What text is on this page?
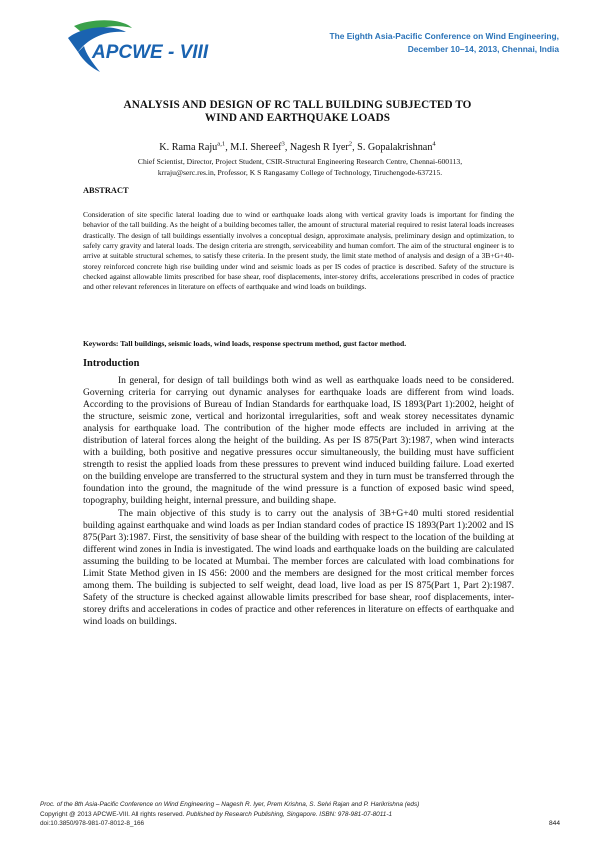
APCWE - VIII
The Eighth Asia-Pacific Conference on Wind Engineering,
December 10–14, 2013, Chennai, India
ANALYSIS AND DESIGN OF RC TALL BUILDING SUBJECTED TO
WIND AND EARTHQUAKE LOADS
K. Rama Raju$^{a,1}$, M.I. Shereef$^3$, Nagesh R Iyer$^2$, S. Gopalakrishnan$^4$
Chief Scientist, Director, Project Student, CSIR-Structural Engineering Research Centre, Chennai-600113,
krraju@serc.res.in, Professor, K S Rangasamy College of Technology, Tiruchengode-637215.
ABSTRACT
Consideration of site specific lateral loading due to wind or earthquake loads along with vertical gravity loads is important for finding the behavior of the tall building. As the height of a building becomes taller, the amount of structural material required to resist lateral loads increases drastically. The design of tall buildings essentially involves a conceptual design, approximate analysis, preliminary design and optimization, to safely carry gravity and lateral loads. The design criteria are strength, serviceability and human comfort. The aim of the structural engineer is to arrive at suitable structural schemes, to satisfy these criteria. In the present study, the limit state method of analysis and design of a 3B+G+40-storey reinforced concrete high rise building under wind and seismic loads as per IS codes of practice is described. Safety of the structure is checked against allowable limits prescribed for base shear, roof displacements, inter-storey drifts, accelerations prescribed in codes of practice and other relevant references in literature on effects of earthquake and wind loads on buildings.
Keywords: Tall buildings, seismic loads, wind loads, response spectrum method, gust factor method.
Introduction

In general, for design of tall buildings both wind as well as earthquake loads need to be considered. Governing criteria for carrying out dynamic analyses for earthquake loads are different from wind loads. According to the provisions of Bureau of Indian Standards for earthquake load, IS 1893(Part 1):2002, height of the structure, seismic zone, vertical and horizontal irregularities, soft and weak storey necessitates dynamic analysis for earthquake load. The contribution of the higher mode effects are included in arriving at the distribution of lateral forces along the height of the building. As per IS 875(Part 3):1987, when wind interacts with a building, both positive and negative pressures occur simultaneously, the building must have sufficient strength to resist the applied loads from these pressures to prevent wind induced building failure. Load exerted on the building envelope are transferred to the structural system and they in turn must be transferred through the foundation into the ground, the magnitude of the wind pressure is a function of exposed basic wind speed, topography, building height, internal pressure, and building shape.

The main objective of this study is to carry out the analysis of 3B+G+40 multi stored residential building against earthquake and wind loads as per Indian standard codes of practice IS 1893(Part 1):2002 and IS 875(Part 3):1987. First, the sensitivity of base shear of the building with respect to the location of the building at different wind zones in India is investigated. The wind loads and earthquake loads on the building are calculated assuming the building to be located at Mumbai. The member forces are calculated with load combinations for Limit State Method given in IS 456: 2000 and the members are designed for the most critical member forces among them. The building is subjected to self weight, dead load, live load as per IS 875(Part 1, Part 2):1987. Safety of the structure is checked against allowable limits prescribed for base shear, roof displacements, inter-storey drifts and accelerations in codes of practice and other references in literature on effects of earthquake and wind loads on buildings.

Proc. of the 8th Asia-Pacific Conference on Wind Engineering – Nagesh R. Iyer, Prem Krishna, S. Selvi Rajan and P. Harikrishna (eds)
Copyright @ 2013 APCWE-VIII. All rights reserved. Published by Research Publishing, Singapore. ISBN: 978-981-07-8011-1
doi:10.3850/978-981-07-8012-8_166	844
